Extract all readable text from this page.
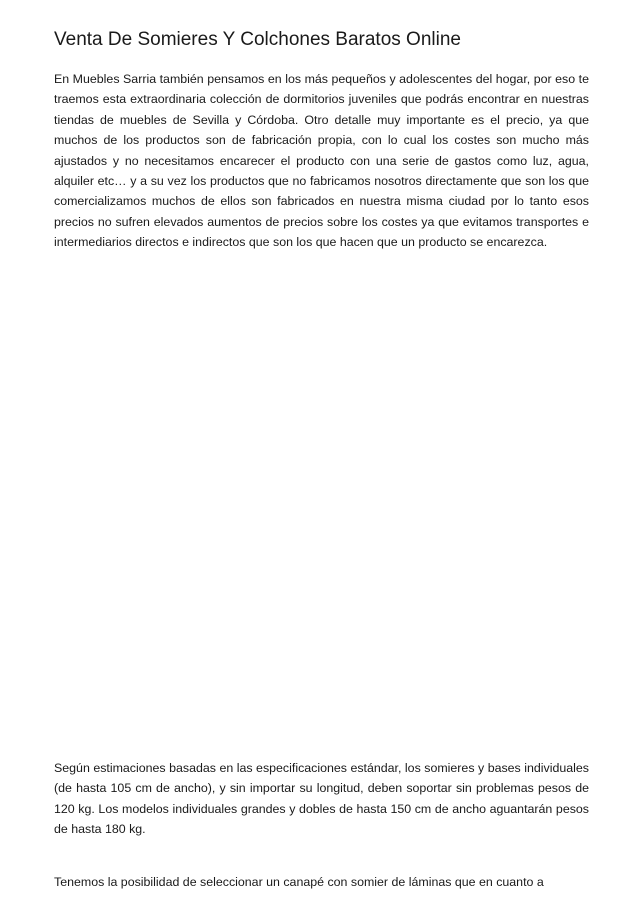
Venta De Somieres Y Colchones Baratos Online

En Muebles Sarria también pensamos en los más pequeños y adolescentes del hogar, por eso te traemos esta extraordinaria colección de dormitorios juveniles que podrás encontrar en nuestras tiendas de muebles de Sevilla y Córdoba. Otro detalle muy importante es el precio, ya que muchos de los productos son de fabricación propia, con lo cual los costes son mucho más ajustados y no necesitamos encarecer el producto con una serie de gastos como luz, agua, alquiler etc… y a su vez los productos que no fabricamos nosotros directamente que son los que comercializamos muchos de ellos son fabricados en nuestra misma ciudad por lo tanto esos precios no sufren elevados aumentos de precios sobre los costes ya que evitamos transportes e intermediarios directos e indirectos que son los que hacen que un producto se encarezca.

Según estimaciones basadas en las especificaciones estándar, los somieres y bases individuales (de hasta 105 cm de ancho), y sin importar su longitud, deben soportar sin problemas pesos de 120 kg. Los modelos individuales grandes y dobles de hasta 150 cm de ancho aguantarán pesos de hasta 180 kg.

Tenemos la posibilidad de seleccionar un canapé con somier de láminas que en cuanto a
